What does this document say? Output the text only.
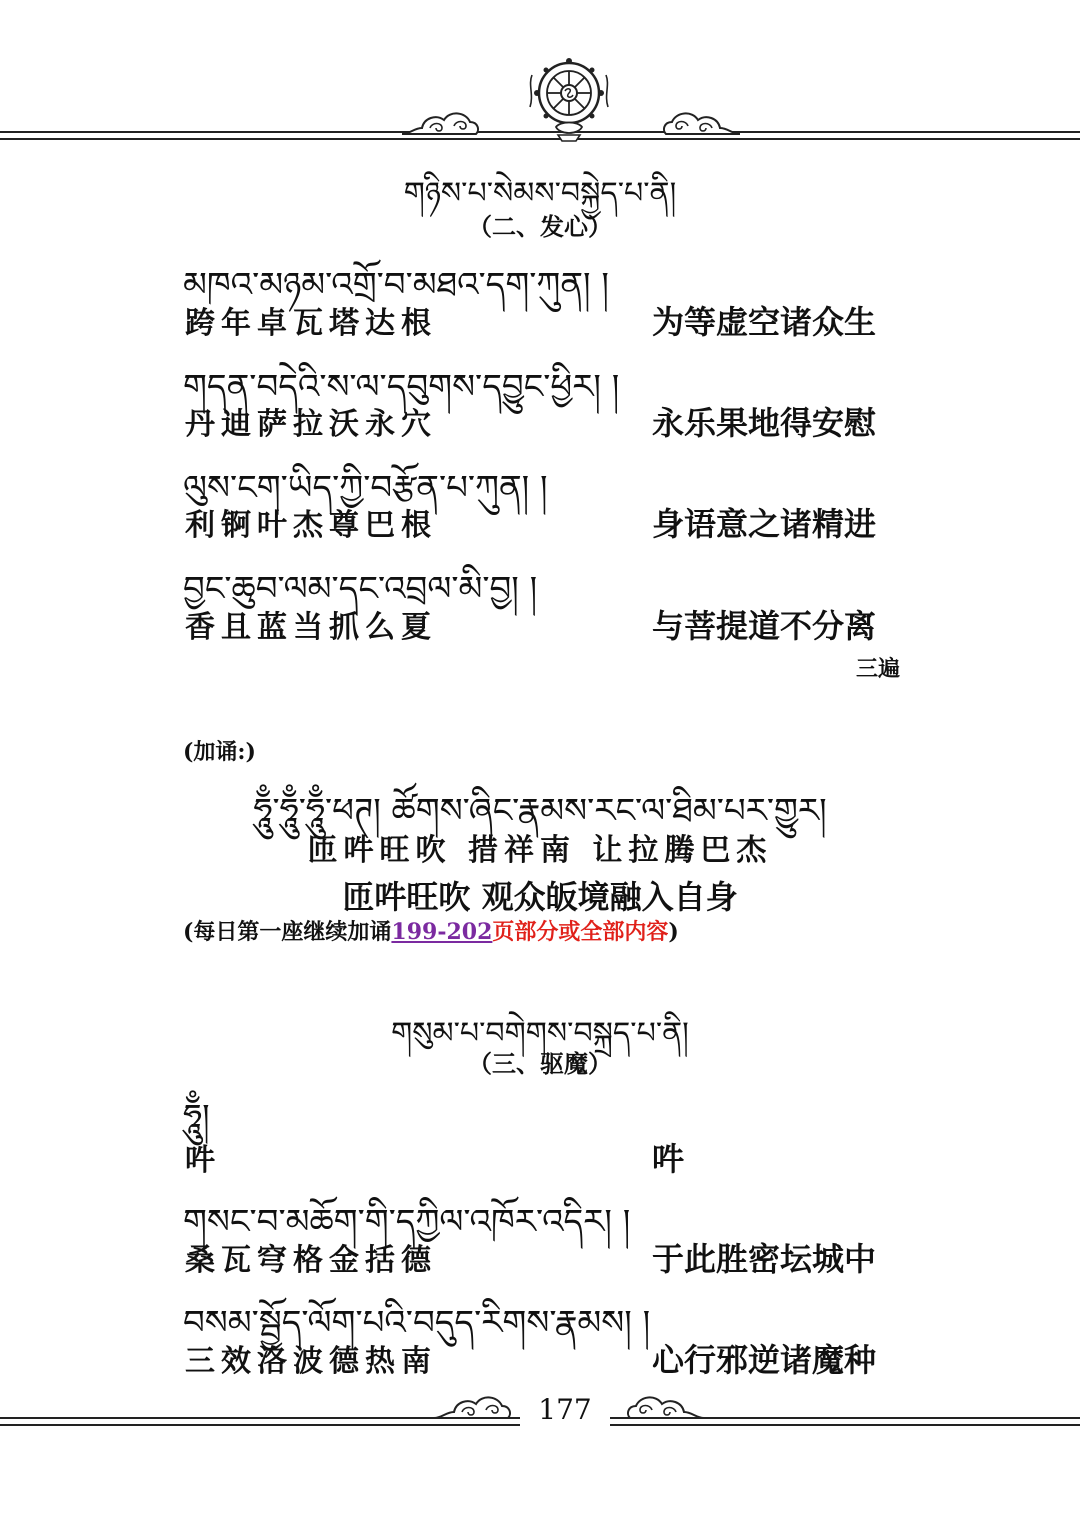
གཉིས་པ་སེམས་བསྐྱེད་པ་ནི།
（二、发心）
མཁའ་མཉམ་འགྲོ་བ་མཐའ་དག་ཀུན། །
跨年卓瓦塔达根	为等虚空诸众生
གདན་བདེའི་ས་ལ་དབུགས་དབྱུང་ཕྱིར། །
丹迪萨拉沃永穴	永乐果地得安慰
ལུས་ངག་ཡིད་ཀྱི་བརྩོན་པ་ཀུན། །
利锕叶杰尊巴根	身语意之诸精进
བྱང་ཆུབ་ལམ་དང་འབྲལ་མི་བྱ། །
香且蓝当抓么夏	与菩提道不分离
三遍
(加诵:)
ཧཱུྃ་ཧཱུྃ་ཧཱུྃ་ཕཊ། ཚོགས་ཞིང་རྣམས་རང་ལ་ཐིམ་པར་གྱུར།
匝吽旺吹 措祥南 让拉腾巴杰
匝吽旺吹 观众皈境融入自身
(每日第一座继续加诵199-202页部分或全部内容)
གསུམ་པ་བགེགས་བསྐྲད་པ་ནི།
（三、驱魔）
ཧཱུྃ།
吽	吽
གསང་བ་མཆོག་གི་དཀྱིལ་འཁོར་འདིར། །
桑瓦穹格金括德	于此胜密坛城中
བསམ་སྦྱོད་ལོག་པའི་བདུད་རིགས་རྣམས། །
三效洛波德热南	心行邪逆诸魔种
177
